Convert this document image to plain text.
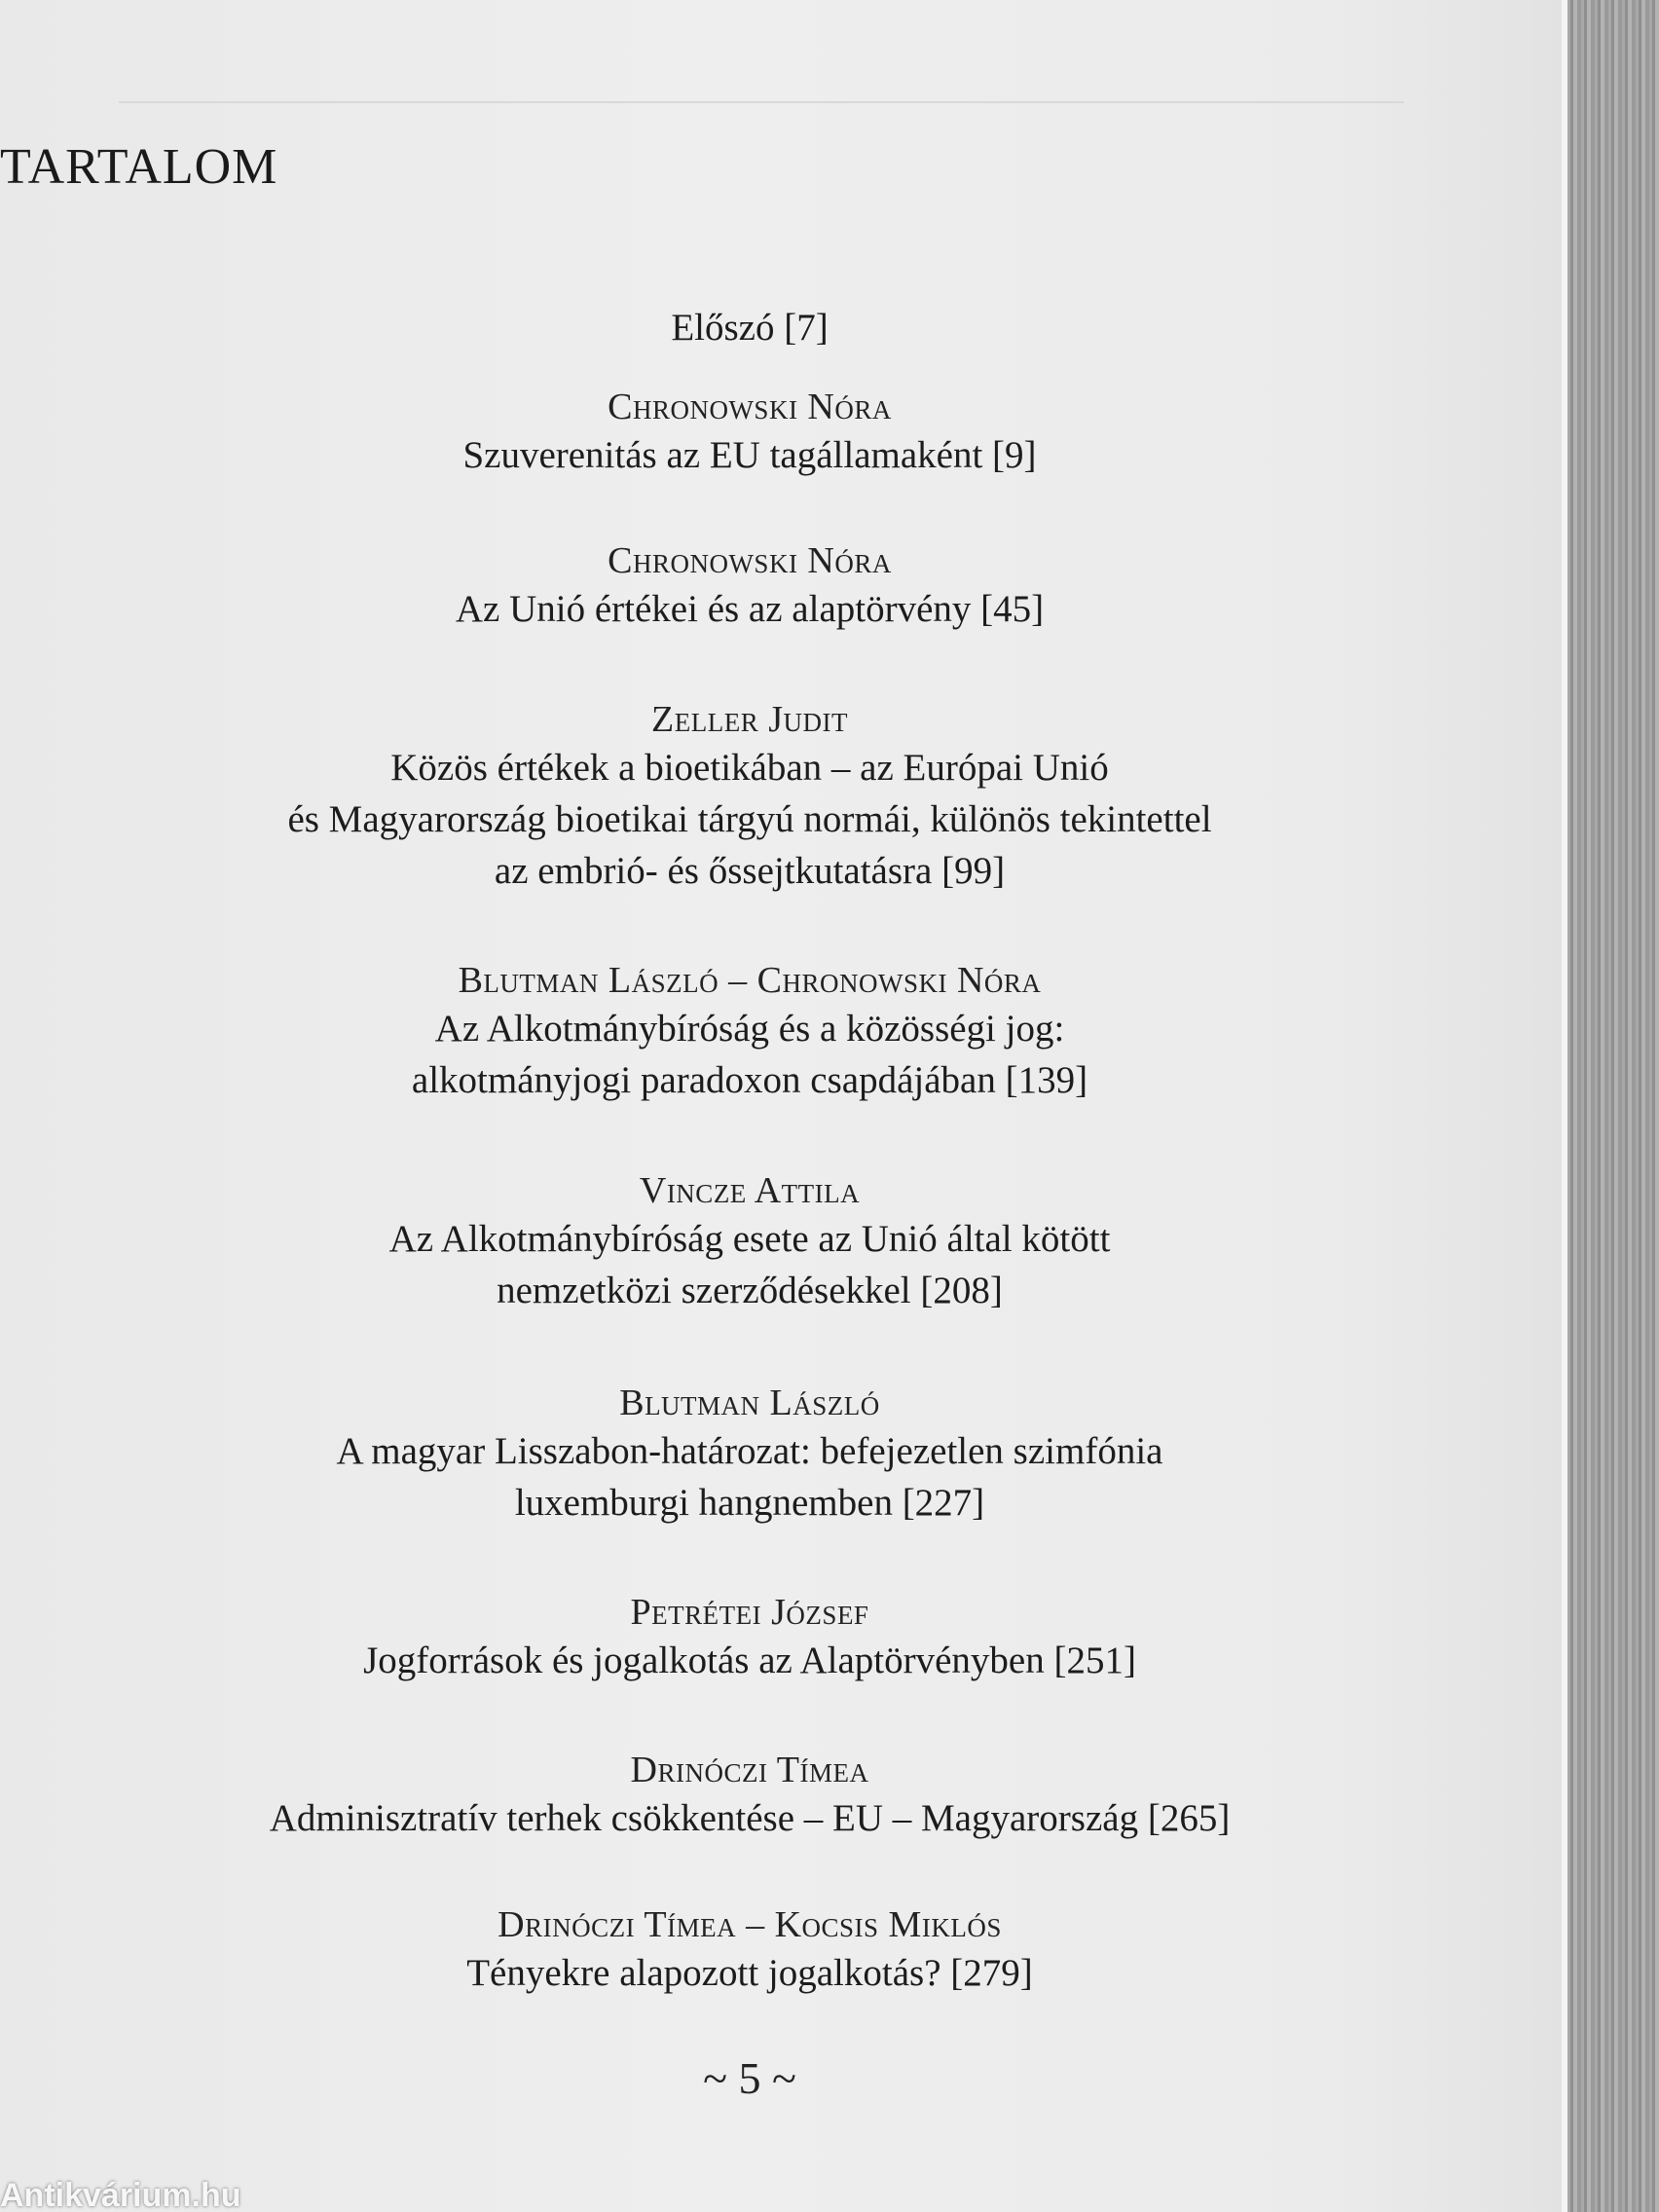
TARTALOM
Előszó [7]
Chronowski Nóra
Szuverenitás az EU tagállamaként [9]
Chronowski Nóra
Az Unió értékei és az alaptörvény [45]
Zeller Judit
Közös értékek a bioetikában – az Európai Unió
és Magyarország bioetikai tárgyú normái, különös tekintettel
az embrió- és őssejtkutatásra [99]
Blutman László – Chronowski Nóra
Az Alkotmánybíróság és a közösségi jog:
alkotmányjogi paradoxon csapdájában [139]
Vincze Attila
Az Alkotmánybíróság esete az Unió által kötött
nemzetközi szerződésekkel [208]
Blutman László
A magyar Lisszabon-határozat: befejezetlen szimfónia
luxemburgi hangnemben [227]
Petrétei József
Jogforrások és jogalkotás az Alaptörvényben [251]
Drinóczi Tímea
Adminisztratív terhek csökkentése – EU – Magyarország [265]
Drinóczi Tímea – Kocsis Miklós
Tényekre alapozott jogalkotás? [279]
~ 5 ~
Antikvárium.hu
